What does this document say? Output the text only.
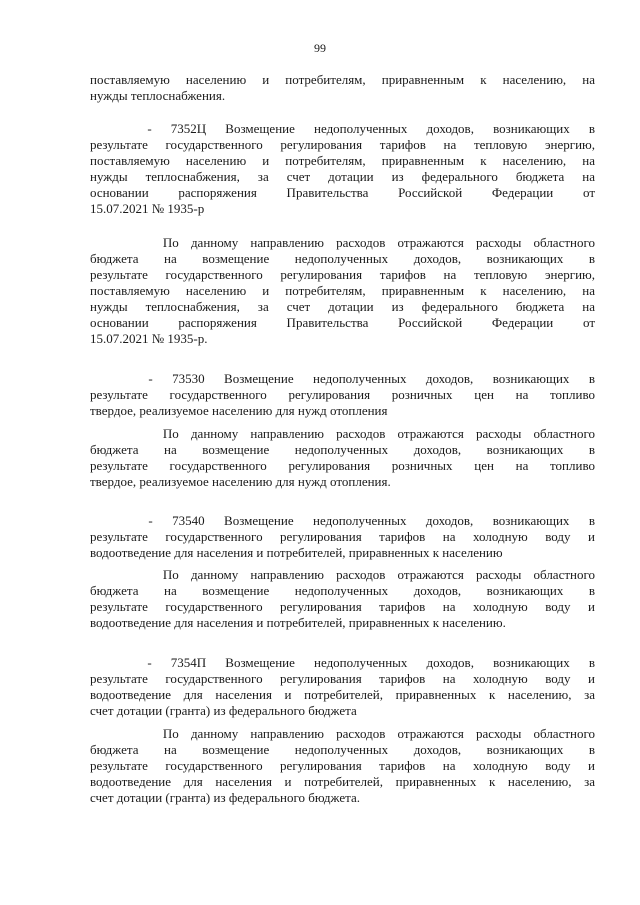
99
поставляемую населению и потребителям, приравненным к населению, на
нужды теплоснабжения.
-  7352Ц  Возмещение  недополученных  доходов,  возникающих  в
результате государственного регулирования тарифов на тепловую энергию,
поставляемую населению и потребителям, приравненным к населению, на
нужды теплоснабжения, за счет дотации из федерального бюджета на
основании распоряжения Правительства Российской Федерации от
15.07.2021 № 1935-р
По данному направлению расходов отражаются расходы областного
бюджета на возмещение недополученных доходов, возникающих в
результате государственного регулирования тарифов на тепловую энергию,
поставляемую населению и потребителям, приравненным к населению, на
нужды теплоснабжения, за счет дотации из федерального бюджета на
основании распоряжения Правительства Российской Федерации от
15.07.2021 № 1935-р.
-  73530  Возмещение  недополученных  доходов,  возникающих  в
результате государственного регулирования розничных цен на топливо
твердое, реализуемое населению для нужд отопления
По данному направлению расходов отражаются расходы областного
бюджета на возмещение недополученных доходов, возникающих в
результате государственного регулирования розничных цен на топливо
твердое, реализуемое населению для нужд отопления.
-  73540  Возмещение  недополученных  доходов,  возникающих  в
результате государственного регулирования тарифов на холодную воду и
водоотведение для населения и потребителей, приравненных к населению
По данному направлению расходов отражаются расходы областного
бюджета на возмещение недополученных доходов, возникающих в
результате государственного регулирования тарифов на холодную воду и
водоотведение для населения и потребителей, приравненных к населению.
-  7354П  Возмещение  недополученных  доходов,  возникающих  в
результате государственного регулирования тарифов на холодную воду и
водоотведение для населения и потребителей, приравненных к населению, за
счет дотации (гранта) из федерального бюджета
По данному направлению расходов отражаются расходы областного
бюджета на возмещение недополученных доходов, возникающих в
результате государственного регулирования тарифов на холодную воду и
водоотведение для населения и потребителей, приравненных к населению, за
счет дотации (гранта) из федерального бюджета.
